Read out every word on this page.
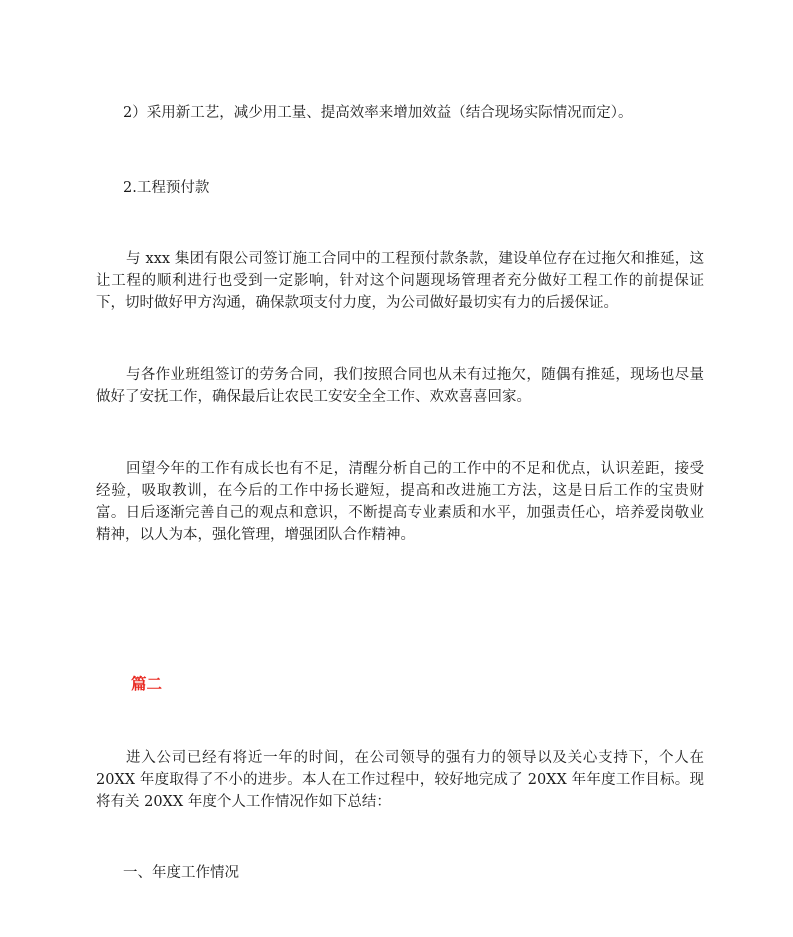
2）采用新工艺，减少用工量、提高效率来增加效益（结合现场实际情况而定）。
2.工程预付款
与 xxx 集团有限公司签订施工合同中的工程预付款条款，建设单位存在过拖欠和推延，这让工程的顺利进行也受到一定影响，针对这个问题现场管理者充分做好工程工作的前提保证下，切时做好甲方沟通，确保款项支付力度，为公司做好最切实有力的后援保证。
与各作业班组签订的劳务合同，我们按照合同也从未有过拖欠，随偶有推延，现场也尽量做好了安抚工作，确保最后让农民工安安全全工作、欢欢喜喜回家。
回望今年的工作有成长也有不足，清醒分析自己的工作中的不足和优点，认识差距，接受经验，吸取教训，在今后的工作中扬长避短，提高和改进施工方法，这是日后工作的宝贵财富。日后逐渐完善自己的观点和意识，不断提高专业素质和水平，加强责任心，培养爱岗敬业精神，以人为本，强化管理，增强团队合作精神。
篇二
进入公司已经有将近一年的时间，在公司领导的强有力的领导以及关心支持下，个人在 20XX 年度取得了不小的进步。本人在工作过程中，较好地完成了 20XX 年年度工作目标。现将有关 20XX 年度个人工作情况作如下总结：
一、年度工作情况
